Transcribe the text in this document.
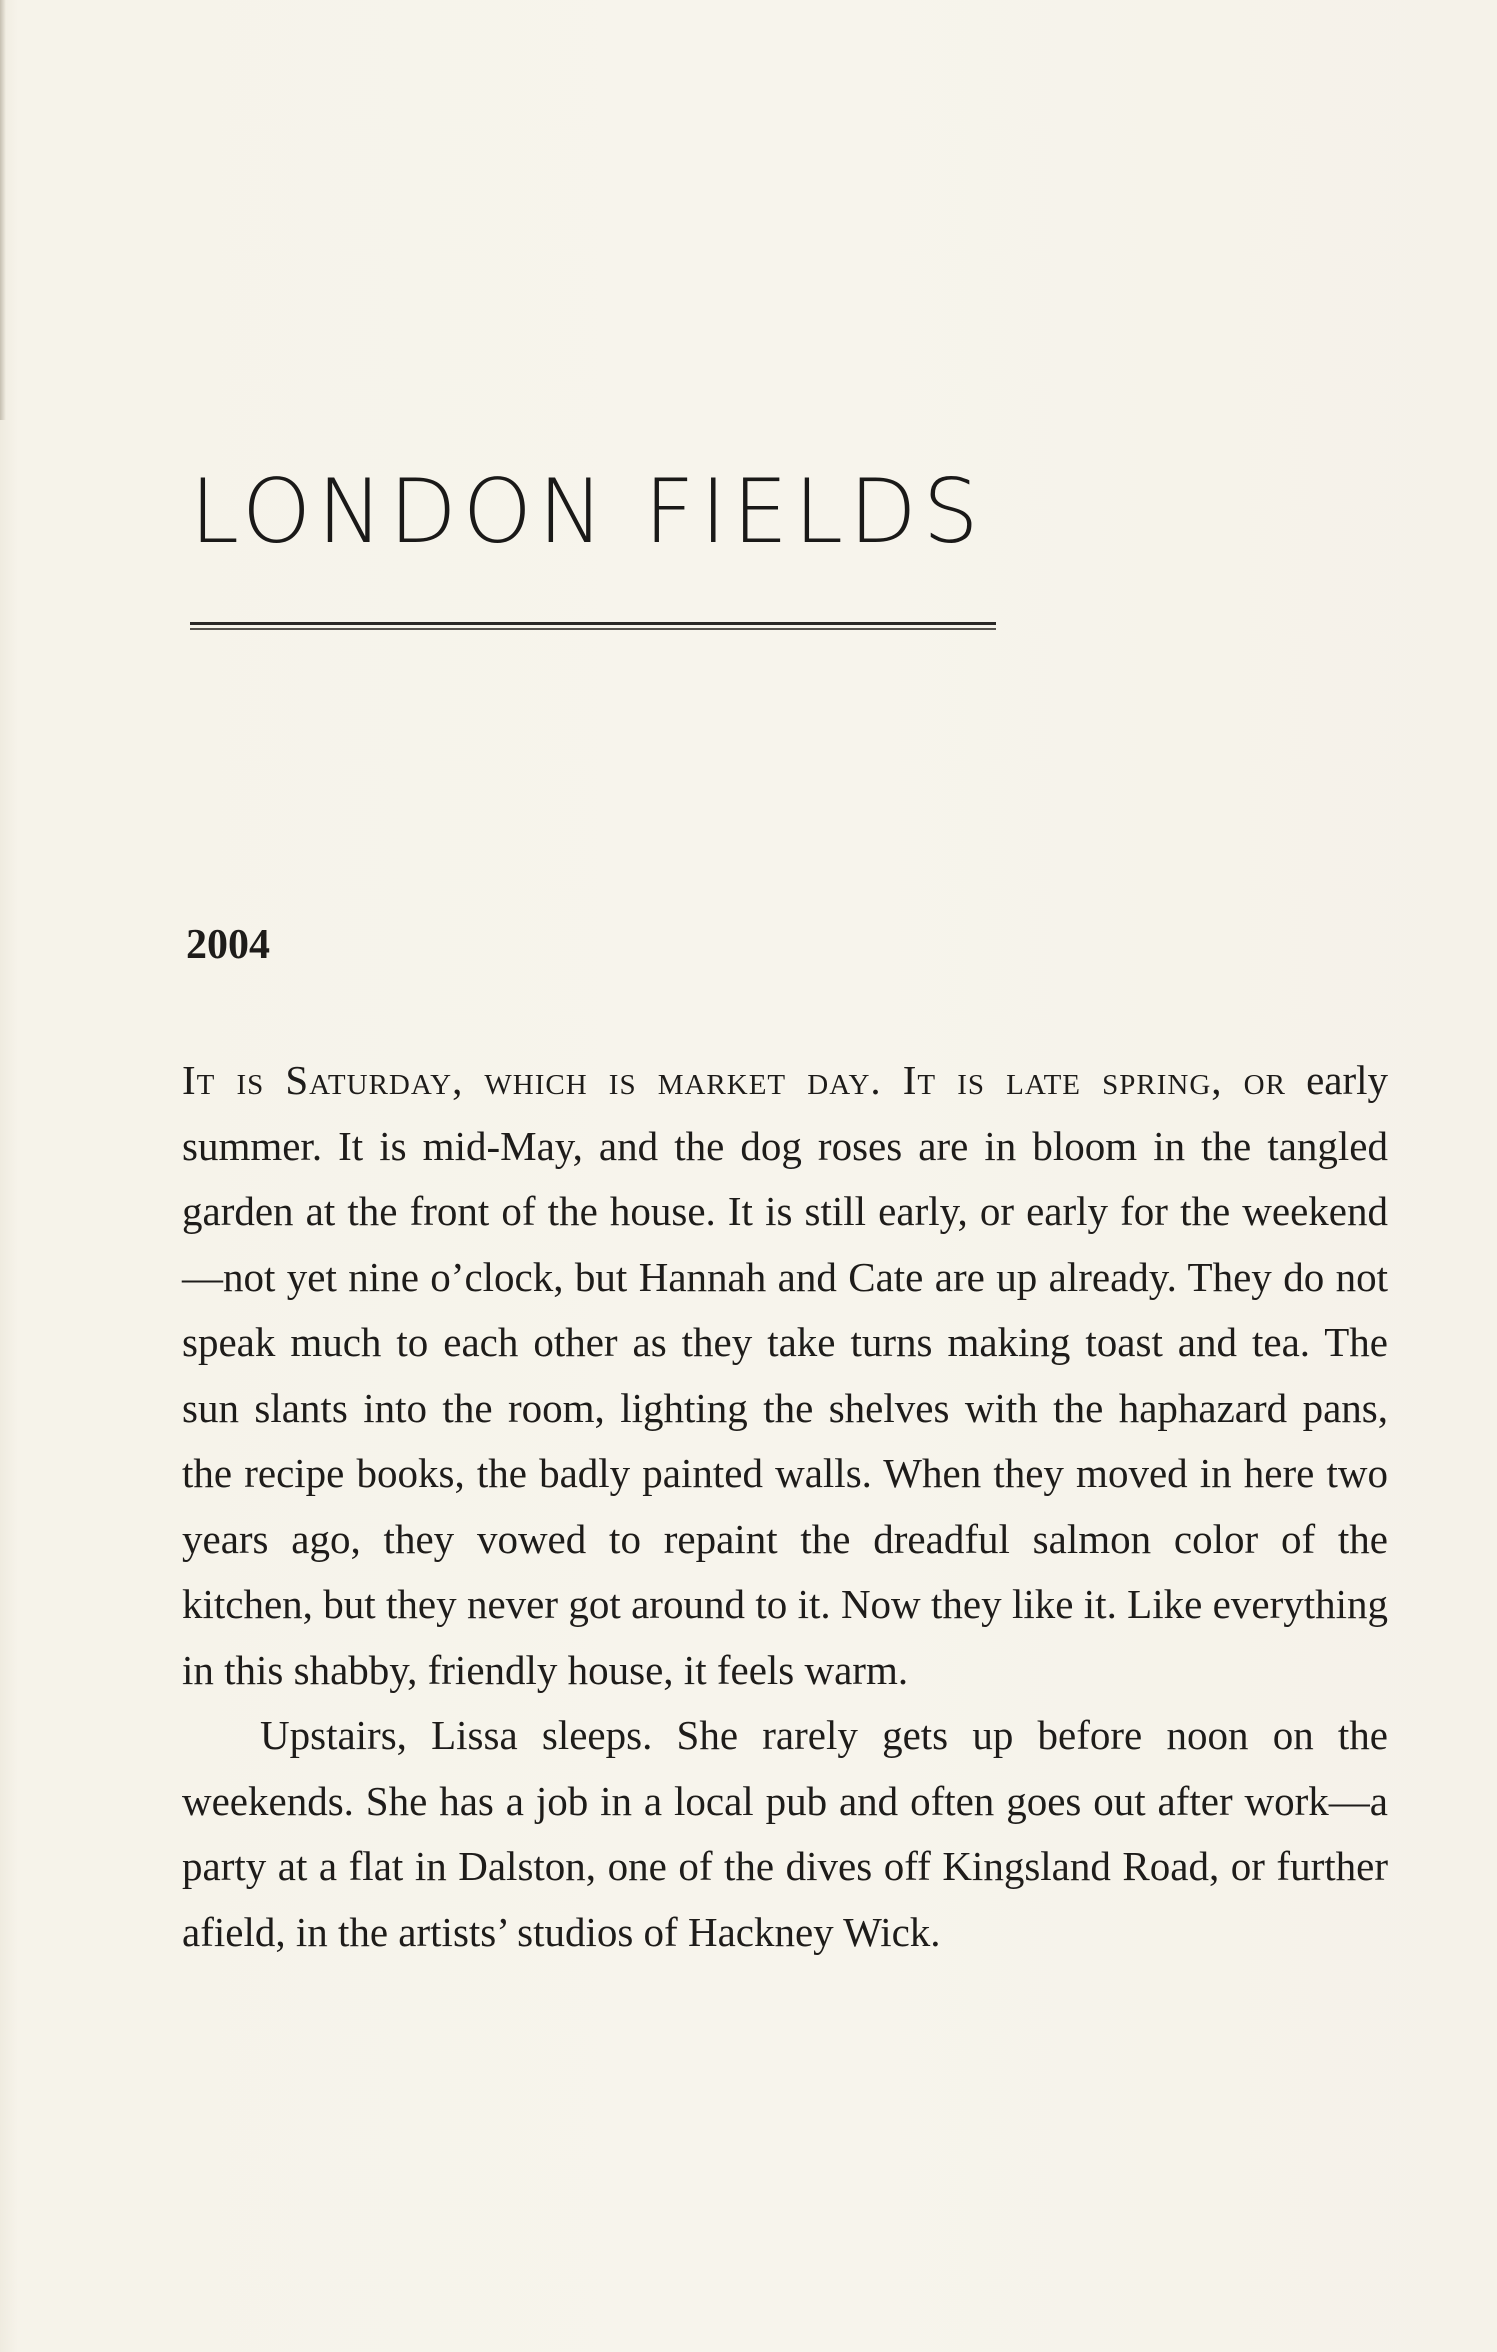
LONDON FIELDS
2004

It is Saturday, which is market day. It is late spring, or early summer. It is mid-May, and the dog roses are in bloom in the tangled garden at the front of the house. It is still early, or early for the weekend—not yet nine o’clock, but Hannah and Cate are up already. They do not speak much to each other as they take turns making toast and tea. The sun slants into the room, lighting the shelves with the haphazard pans, the recipe books, the badly painted walls. When they moved in here two years ago, they vowed to repaint the dreadful salmon color of the kitchen, but they never got around to it. Now they like it. Like everything in this shabby, friendly house, it feels warm.

Upstairs, Lissa sleeps. She rarely gets up before noon on the weekends. She has a job in a local pub and often goes out after work—a party at a flat in Dalston, one of the dives off Kingsland Road, or further afield, in the artists’ studios of Hackney Wick.
